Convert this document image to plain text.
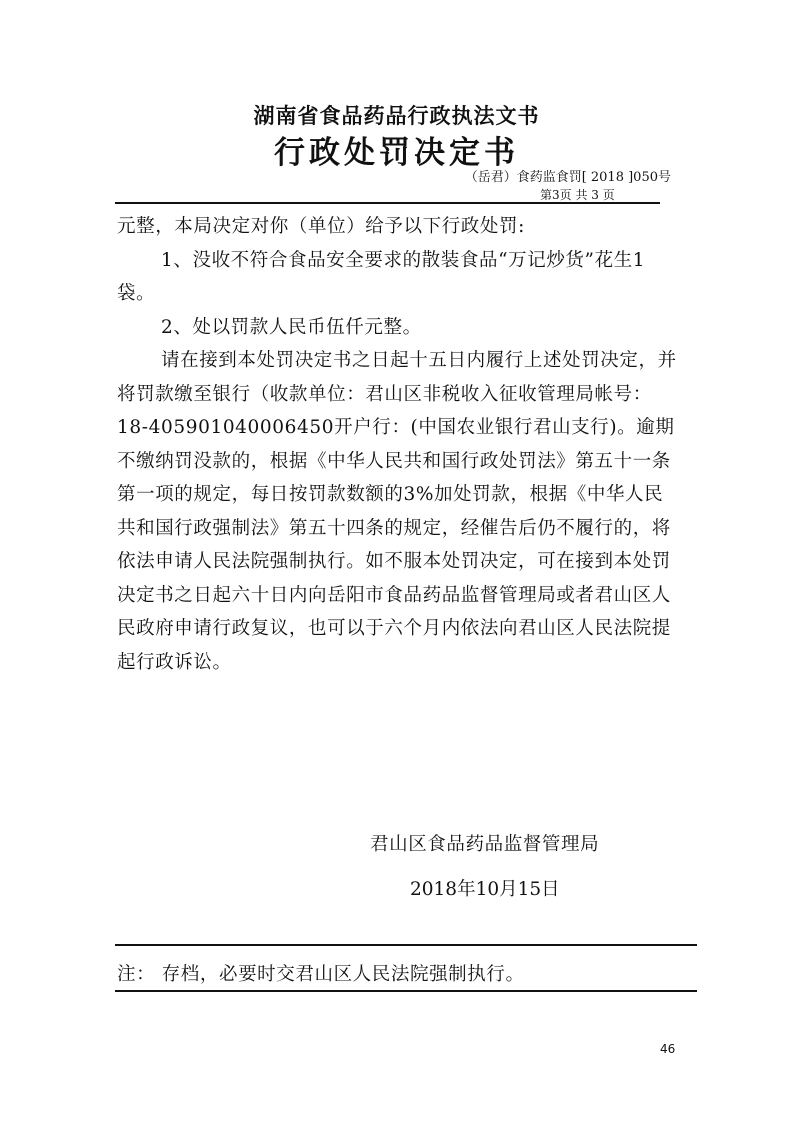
湖南省食品药品行政执法文书
行政处罚决定书
（岳君）食药监食罚[ 2018 ]050号
第3页 共 3 页

元整，本局决定对你（单位）给予以下行政处罚:

1、没收不符合食品安全要求的散装食品“万记炒货”花生1袋。

2、处以罚款人民币伍仟元整。

请在接到本处罚决定书之日起十五日内履行上述处罚决定，并将罚款缴至银行（收款单位：君山区非税收入征收管理局帐号：18-405901040006450开户行：(中国农业银行君山支行)。逾期不缴纳罚没款的，根据《中华人民共和国行政处罚法》第五十一条第一项的规定，每日按罚款数额的3%加处罚款，根据《中华人民共和国行政强制法》第五十四条的规定，经催告后仍不履行的，将依法申请人民法院强制执行。如不服本处罚决定，可在接到本处罚决定书之日起六十日内向岳阳市食品药品监督管理局或者君山区人民政府申请行政复议，也可以于六个月内依法向君山区人民法院提起行政诉讼。

君山区食品药品监督管理局
2018年10月15日
注： 存档，必要时交君山区人民法院强制执行。
46
